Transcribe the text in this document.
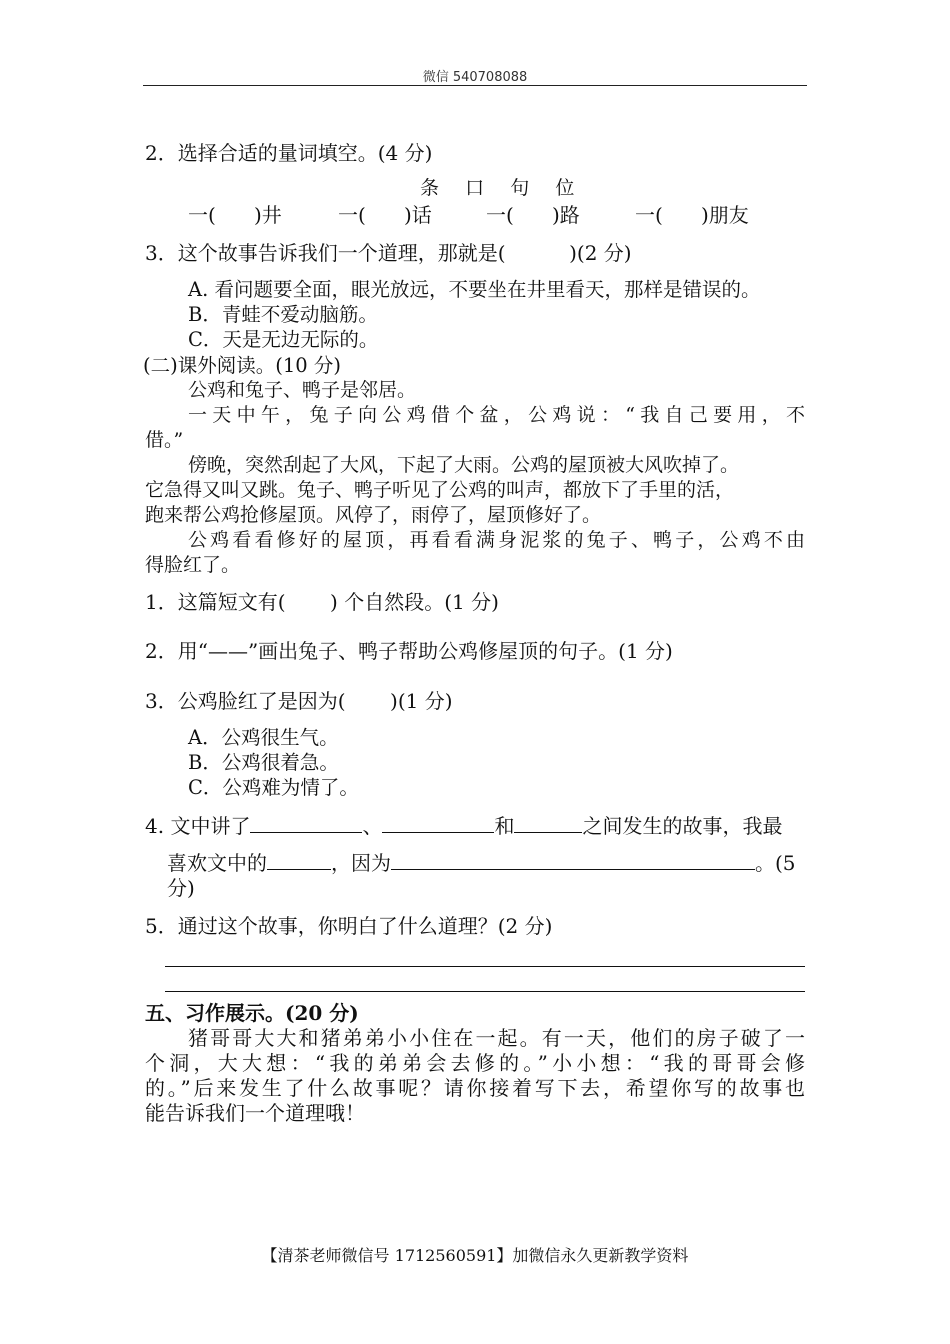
微信 540708088
2．选择合适的量词填空。(4 分)
条   口   句   位
一(      )井	一(      )话	一(      )路	一(      )朋友
3．这个故事告诉我们一个道理，那就是(          )(2 分)
A. 看问题要全面，眼光放远，不要坐在井里看天，那样是错误的。
B．青蛙不爱动脑筋。
C．天是无边无际的。
(二)课外阅读。(10 分)
公鸡和兔子、鸭子是邻居。
一天中午，兔子向公鸡借个盆，公鸡说：“我自己要用，不
借。”
傍晚，突然刮起了大风，下起了大雨。公鸡的屋顶被大风吹掉了。
它急得又叫又跳。兔子、鸭子听见了公鸡的叫声，都放下了手里的活，
跑来帮公鸡抢修屋顶。风停了，雨停了，屋顶修好了。
公鸡看看修好的屋顶，再看看满身泥浆的兔子、鸭子，公鸡不由
得脸红了。
1．这篇短文有(       ) 个自然段。(1 分)
2．用“——”画出兔子、鸭子帮助公鸡修屋顶的句子。(1 分)
3．公鸡脸红了是因为(       )(1 分)
A．公鸡很生气。
B．公鸡很着急。
C．公鸡难为情了。
4. 文中讲了	、	和	之间发生的故事，我最
喜欢文中的	，因为	。(5
分)
5．通过这个故事，你明白了什么道理？(2 分)
五、习作展示。(20 分)
猪哥哥大大和猪弟弟小小住在一起。有一天，他们的房子破了一
个洞，大大想：“我的弟弟会去修的。”小小想：“我的哥哥会修
的。”后来发生了什么故事呢？请你接着写下去，希望你写的故事也
能告诉我们一个道理哦！
【清茶老师微信号 1712560591】加微信永久更新教学资料
